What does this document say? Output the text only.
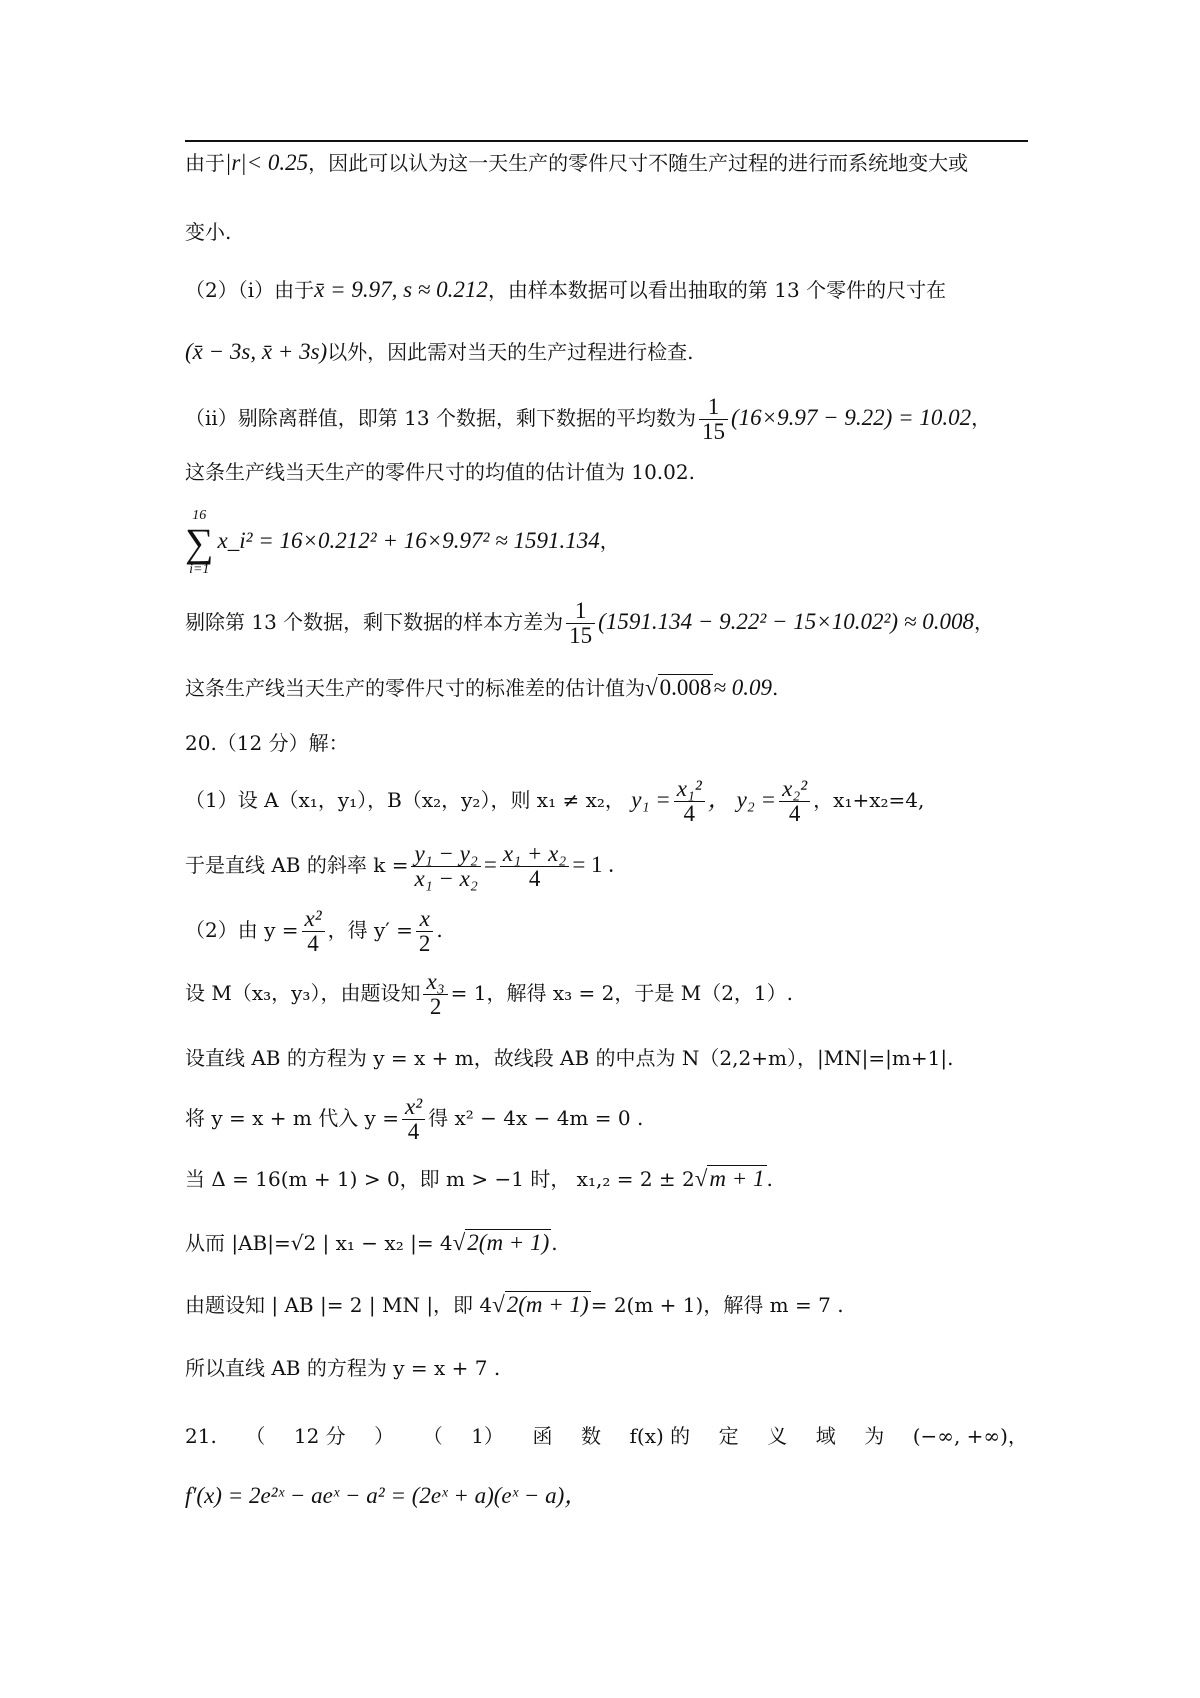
由于|r|< 0.25，因此可以认为这一天生产的零件尺寸不随生产过程的进行而系统地变大或
变小.
（2）（i）由于x̄ = 9.97, s ≈ 0.212，由样本数据可以看出抽取的第 13 个零件的尺寸在
(x̄ − 3s, x̄ + 3s)以外，因此需对当天的生产过程进行检查.
（ii）剔除离群值，即第 13 个数据，剩下数据的平均数为 $\frac{1}{15} (16\times 9.97 - 9.22) = 10.02$，
这条生产线当天生产的零件尺寸的均值的估计值为 10.02.
16
∑
i=1
x_i² = 16×0.212² + 16×9.97² ≈ 1591.134，
剔除第 13 个数据，剩下数据的样本方差为 $\frac{1}{15} (1591.134 - 9.22^2 - 15\times 10.02^2) \approx 0.008$，
这条生产线当天生产的零件尺寸的标准差的估计值为√0.008≈ 0.09.
20.（12 分）解：
（1）设 A（x₁，y₁），B（x₂，y₂），则 x₁ ≠ x₂， $y_1 = \frac{\text{x₁²}}{4}$ ， $y_2 = \frac{\text{x₂²}}{4}$ ，x₁+x₂=4,
于是直线 AB 的斜率 $k = \frac{\text{y₁ − y₂}}{\text{x₁ − x₂}} = \frac{\text{x₁ + x₂}}{4} = 1$ .
（2）由 $y = \frac{\text{x²}}{4}$ ，得 $y' = \frac{x}{2}$ .
设 M（x₃，y₃），由题设知 $\frac{\text{x₃}}{2} = 1$，解得 x₃ = 2，于是 M（2，1）.
设直线 AB 的方程为 y = x + m，故线段 AB 的中点为 N（2,2+m），|MN|=|m+1|.
将 y = x + m 代入 $y = \frac{\text{x²}}{4}$ 得 x² − 4x − 4m = 0 .
当 Δ = 16(m + 1) > 0，即 m > −1 时， x₁,₂ = 2 ± 2√m + 1 .
从而 |AB|=√2 | x₁ − x₂ |= 4√2(m + 1) .
由题设知 | AB |= 2 | MN |，即 4√2(m + 1) = 2(m + 1)，解得 m = 7 .
所以直线 AB 的方程为 y = x + 7 .
21. （ 12 分 ） （ 1） 函 数 f(x) 的 定 义 域 为 (−∞, +∞)，
f′(x) = 2e²ˣ − aeˣ − a² = (2eˣ + a)(eˣ − a)，
